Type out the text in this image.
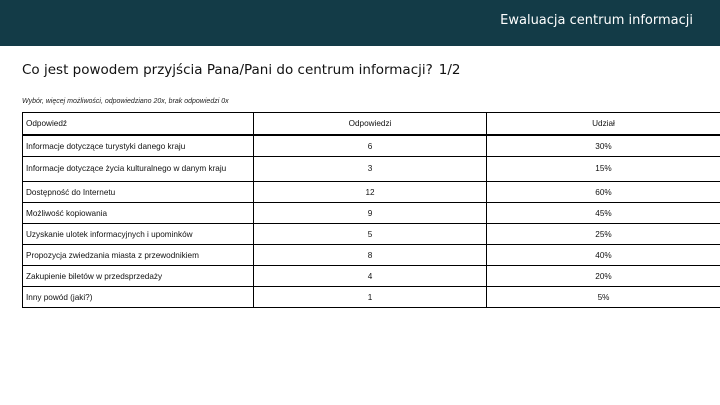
Ewaluacja centrum informacji
Co jest powodem przyjścia Pana/Pani do centrum informacji? 1/2
Wybór, więcej możliwości, odpowiedziano 20x, brak odpowiedzi 0x
Odpowiedź	Odpowiedzi	Udział
Informacje dotyczące turystyki danego kraju	6	30%
Informacje dotyczące życia kulturalnego w danym kraju	3	15%
Dostępność do Internetu	12	60%
Możliwość kopiowania	9	45%
Uzyskanie ulotek informacyjnych i upominków	5	25%
Propozycja zwiedzania miasta z przewodnikiem	8	40%
Zakupienie biletów w przedsprzedaży	4	20%
Inny powód (jaki?)	1	5%
